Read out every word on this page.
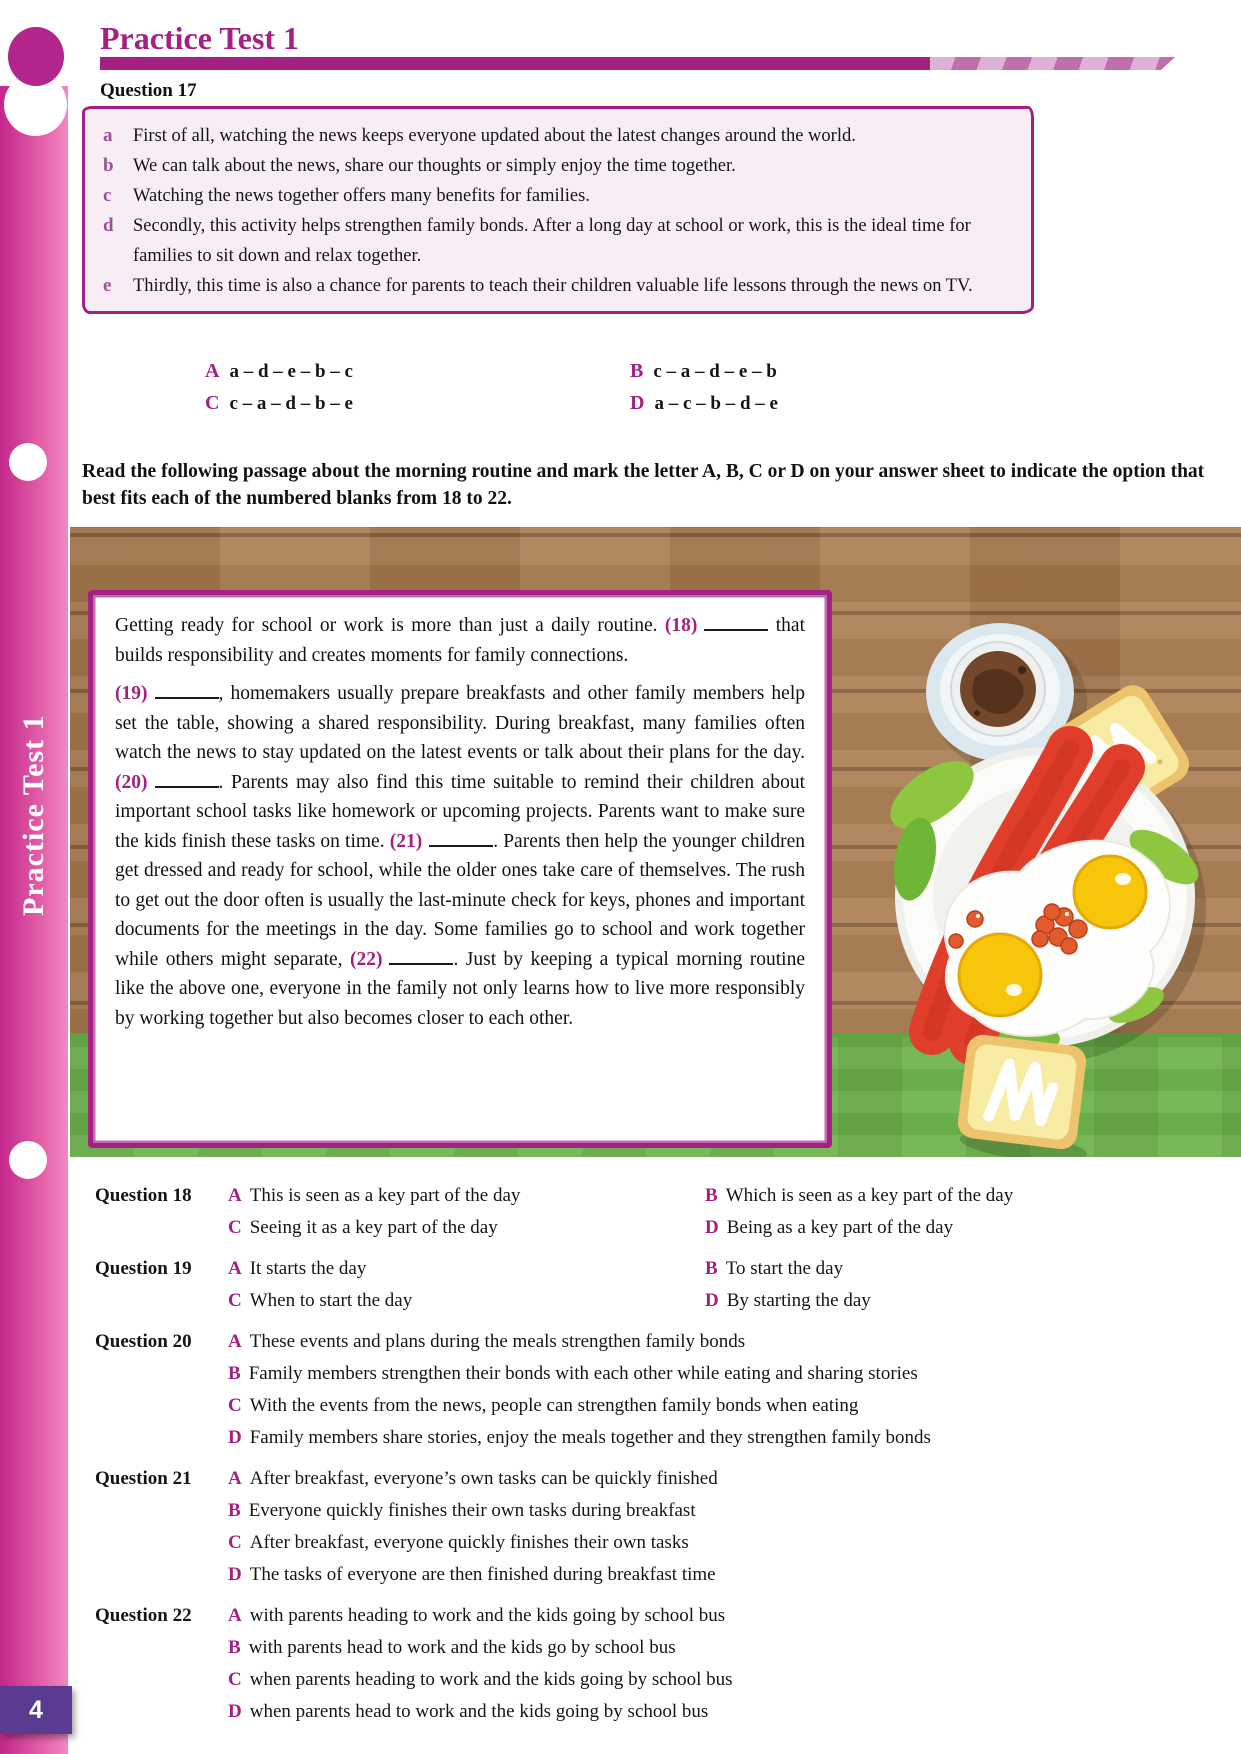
Practice Test 1
4
Practice Test 1
Question 17
a	First of all, watching the news keeps everyone updated about the latest changes around the world.
b	We can talk about the news, share our thoughts or simply enjoy the time together.
c	Watching the news together offers many benefits for families.
d	Secondly, this activity helps strengthen family bonds. After a long day at school or work, this is the ideal time for families to sit down and relax together.
e	Thirdly, this time is also a chance for parents to teach their children valuable life lessons through the news on TV.
A a – d – e – b – c	B c – a – d – e – b
C c – a – d – b – e	D a – c – b – d – e
Read the following passage about the morning routine and mark the letter A, B, C or D on your answer sheet to indicate the option that best fits each of the numbered blanks from 18 to 22.

Getting ready for school or work is more than just a daily routine. (18)	that builds responsibility and creates moments for family connections.

(19)	, homemakers usually prepare breakfasts and other family members help set the table, showing a shared responsibility. During breakfast, many families often watch the news to stay updated on the latest events or talk about their plans for the day. (20)	. Parents may also find this time suitable to remind their children about important school tasks like homework or upcoming projects. Parents want to make sure the kids finish these tasks on time. (21)	. Parents then help the younger children get dressed and ready for school, while the older ones take care of themselves. The rush to get out the door often is usually the last-minute check for keys, phones and important documents for the meetings in the day. Some families go to school and work together while others might separate, (22)	. Just by keeping a typical morning routine like the above one, everyone in the family not only learns how to live more responsibly by working together but also becomes closer to each other.

Question 18	A This is seen as a key part of the day	B Which is seen as a key part of the day
C Seeing it as a key part of the day	D Being as a key part of the day
Question 19	A It starts the day	B To start the day
C When to start the day	D By starting the day
Question 20	A These events and plans during the meals strengthen family bonds
B Family members strengthen their bonds with each other while eating and sharing stories
C With the events from the news, people can strengthen family bonds when eating
D Family members share stories, enjoy the meals together and they strengthen family bonds
Question 21	A After breakfast, everyone’s own tasks can be quickly finished
B Everyone quickly finishes their own tasks during breakfast
C After breakfast, everyone quickly finishes their own tasks
D The tasks of everyone are then finished during breakfast time
Question 22	A with parents heading to work and the kids going by school bus
B with parents head to work and the kids go by school bus
C when parents heading to work and the kids going by school bus
D when parents head to work and the kids going by school bus
